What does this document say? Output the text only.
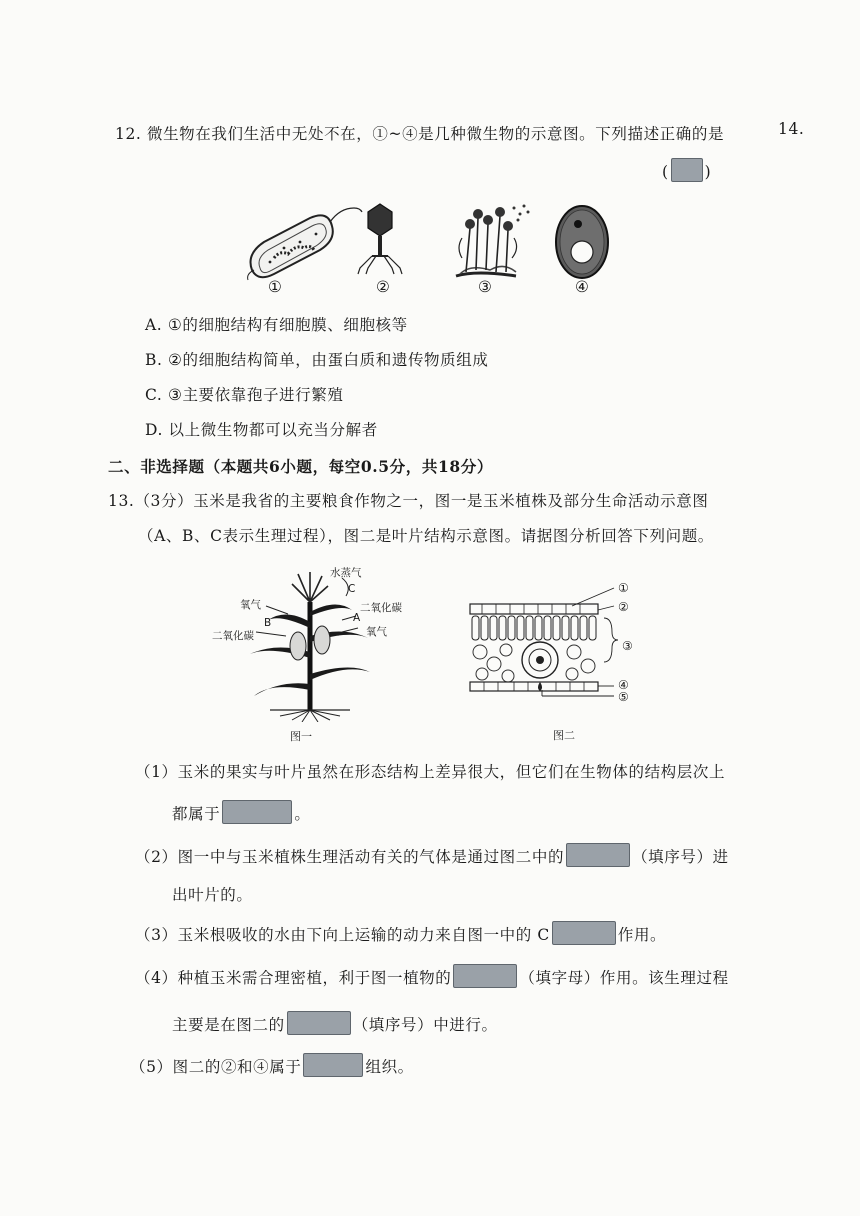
14.
12. 微生物在我们生活中无处不在，①~④是几种微生物的示意图。下列描述正确的是
( )
①	②	③	④
A. ①的细胞结构有细胞膜、细胞核等
B. ②的细胞结构简单，由蛋白质和遗传物质组成
C. ③主要依靠孢子进行繁殖
D. 以上微生物都可以充当分解者
二、非选择题（本题共6小题，每空0.5分，共18分）
13.（3分）玉米是我省的主要粮食作物之一，图一是玉米植株及部分生命活动示意图
（A、B、C表示生理过程），图二是叶片结构示意图。请据图分析回答下列问题。
水蒸气
C
氧气	二氧化碳
B	A
二氧化碳	氧气
图一
①
②
③
④
⑤
图二
（1）玉米的果实与叶片虽然在形态结构上差异很大，但它们在生物体的结构层次上
都属于	。
（2）图一中与玉米植株生理活动有关的气体是通过图二中的	（填序号）进
出叶片的。
（3）玉米根吸收的水由下向上运输的动力来自图一中的 C	作用。
（4）种植玉米需合理密植，利于图一植物的	（填字母）作用。该生理过程
主要是在图二的	（填序号）中进行。
（5）图二的②和④属于	组织。
